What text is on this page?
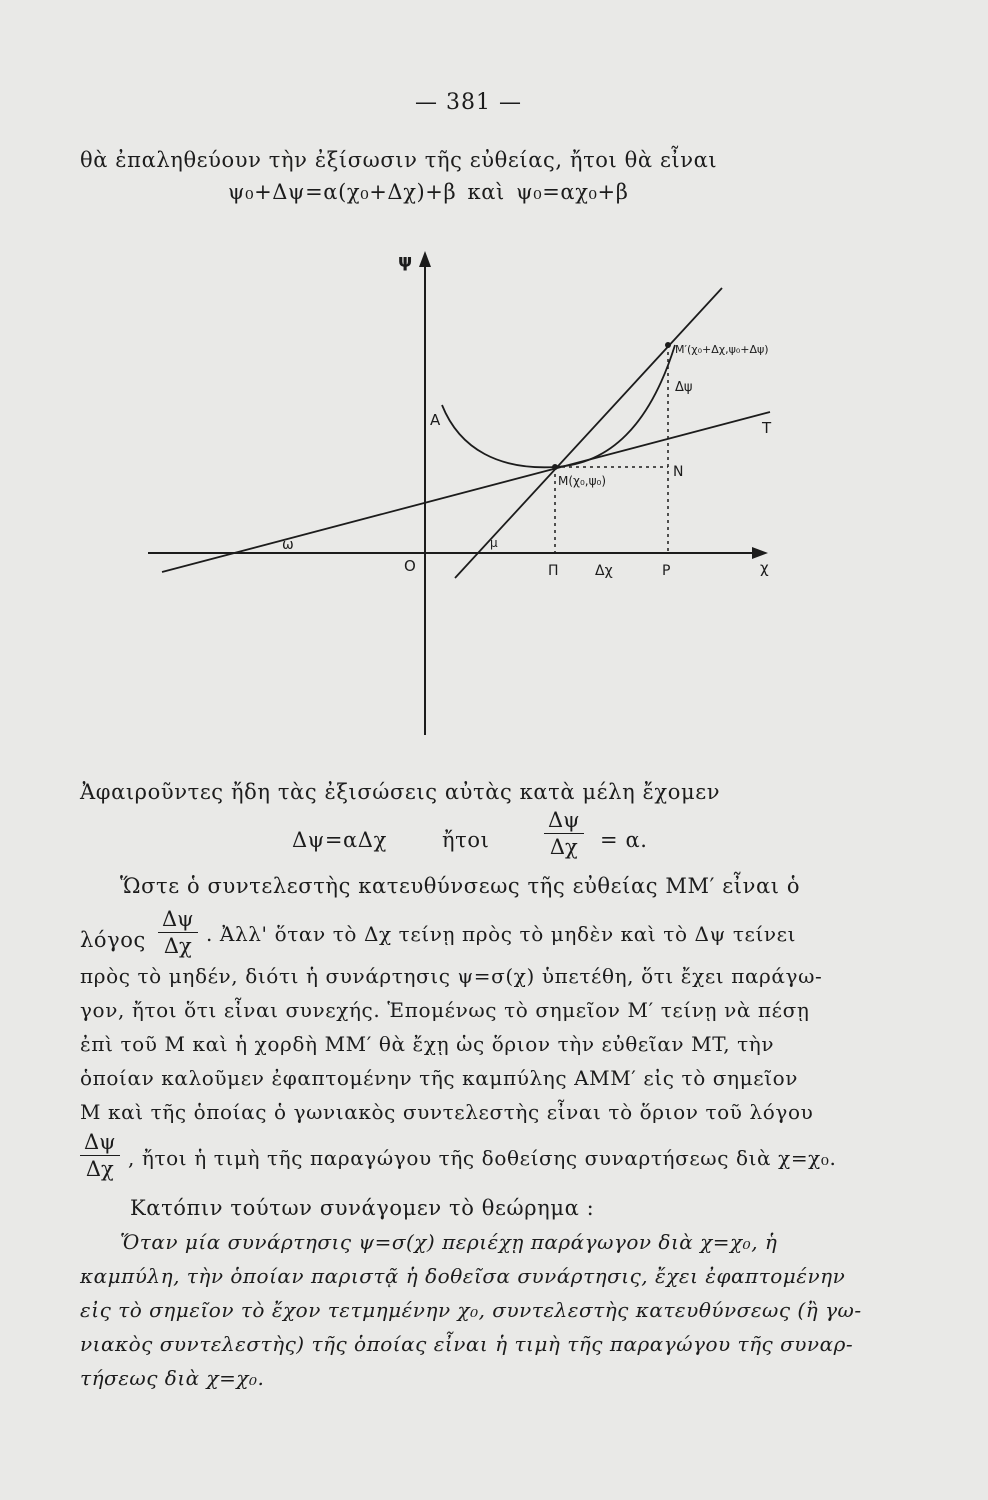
— 381 —
θὰ ἐπαληθεύουν τὴν ἐξίσωσιν τῆς εὐθείας, ἤτοι θὰ εἶναι
ψ₀+Δψ=α(χ₀+Δχ)+β καὶ ψ₀=αχ₀+β
ψ
χ
O	Π	Δχ	Ρ
A
M(χ₀,ψ₀)
M′(χ₀+Δχ,ψ₀+Δψ)
Δψ
N
T
ω	μ
Ἀφαιροῦντες ἤδη τὰς ἐξισώσεις αὐτὰς κατὰ μέλη ἔχομεν
Δψ=αΔχ	ἤτοι	$\frac{\Delta\psi}{\Delta\chi} = \alpha$.
Ὥστε ὁ συντελεστὴς κατευθύνσεως τῆς εὐθείας MM′ εἶναι ὁ
λόγος $\frac{\Delta\psi}{\Delta\chi}$ . Ἀλλ' ὅταν τὸ Δχ τείνῃ πρὸς τὸ μηδὲν καὶ τὸ Δψ τείνει
πρὸς τὸ μηδέν, διότι ἡ συνάρτησις ψ=σ(χ) ὑπετέθη, ὅτι ἔχει παράγω-
γον, ἤτοι ὅτι εἶναι συνεχής. Ἑπομένως τὸ σημεῖον M′ τείνῃ νὰ πέσῃ
ἐπὶ τοῦ M καὶ ἡ χορδὴ MM′ θὰ ἔχῃ ὡς ὅριον τὴν εὐθεῖαν MT, τὴν
ὁποίαν καλοῦμεν ἐφαπτομένην τῆς καμπύλης AMM′ εἰς τὸ σημεῖον
M καὶ τῆς ὁποίας ὁ γωνιακὸς συντελεστὴς εἶναι τὸ ὅριον τοῦ λόγου
$\frac{\Delta\psi}{\Delta\chi}$ , ἤτοι ἡ τιμὴ τῆς παραγώγου τῆς δοθείσης συναρτήσεως διὰ χ=χ₀.
Κατόπιν τούτων συνάγομεν τὸ θεώρημα :
Ὅταν μία συνάρτησις ψ=σ(χ) περιέχῃ παράγωγον διὰ χ=χ₀, ἡ
καμπύλη, τὴν ὁποίαν παριστᾷ ἡ δοθεῖσα συνάρτησις, ἔχει ἐφαπτομένην
εἰς τὸ σημεῖον τὸ ἔχον τετμημένην χ₀, συντελεστὴς κατευθύνσεως (ἢ γω-
νιακὸς συντελεστὴς) τῆς ὁποίας εἶναι ἡ τιμὴ τῆς παραγώγου τῆς συναρ-
τήσεως διὰ χ=χ₀.
